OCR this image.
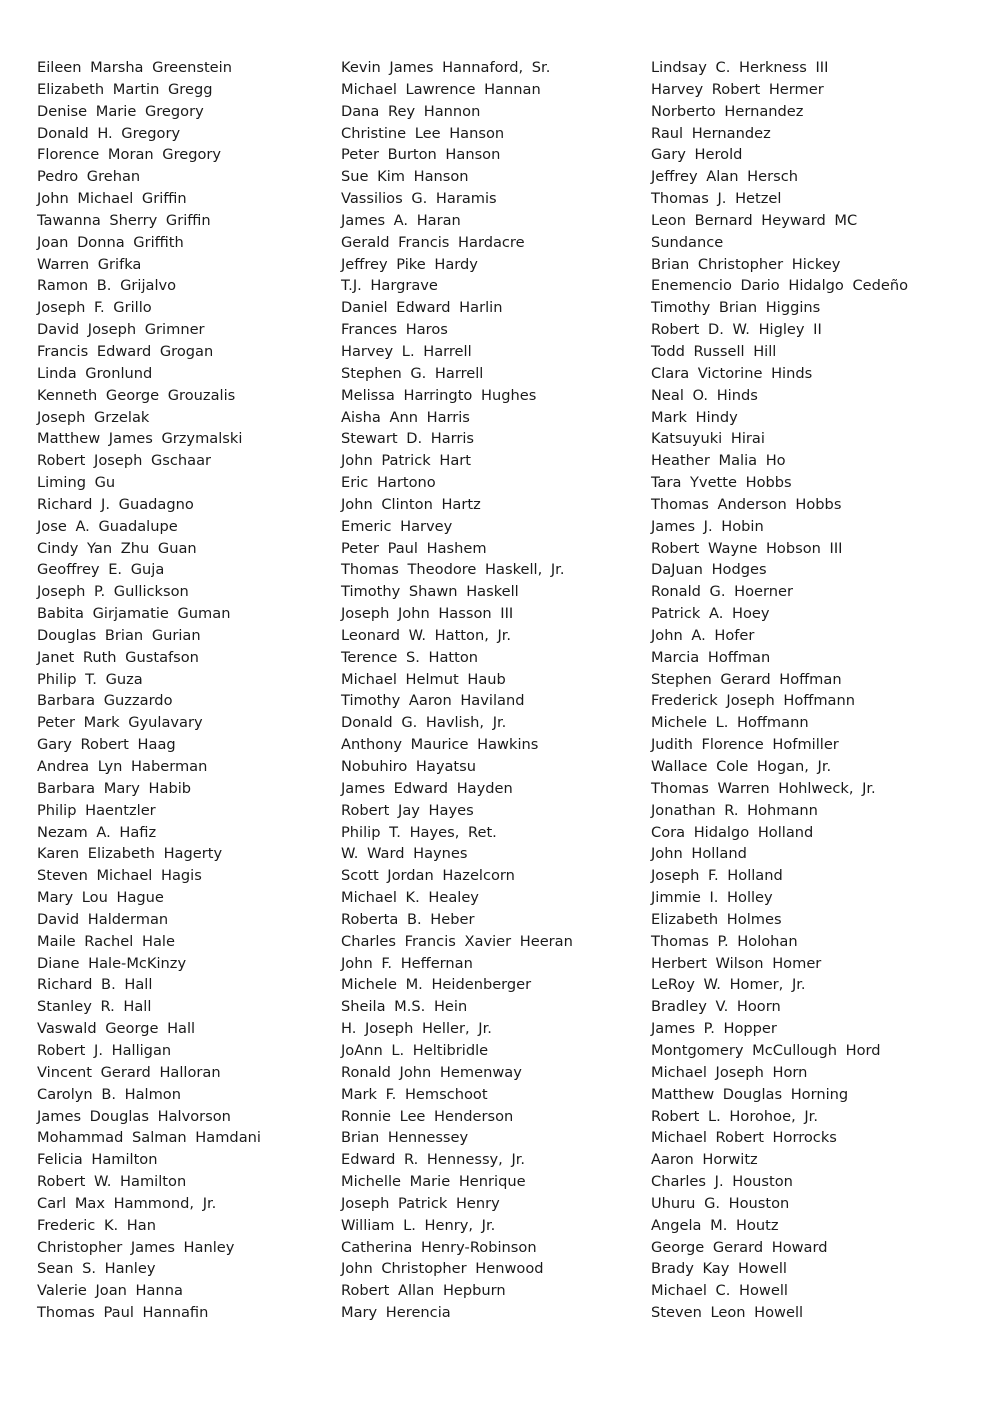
Eileen Marsha Greenstein
Elizabeth Martin Gregg
Denise Marie Gregory
Donald H. Gregory
Florence Moran Gregory
Pedro Grehan
John Michael Griffin
Tawanna Sherry Griffin
Joan Donna Griffith
Warren Grifka
Ramon B. Grijalvo
Joseph F. Grillo
David Joseph Grimner
Francis Edward Grogan
Linda Gronlund
Kenneth George Grouzalis
Joseph Grzelak
Matthew James Grzymalski
Robert Joseph Gschaar
Liming Gu
Richard J. Guadagno
Jose A. Guadalupe
Cindy Yan Zhu Guan
Geoffrey E. Guja
Joseph P. Gullickson
Babita Girjamatie Guman
Douglas Brian Gurian
Janet Ruth Gustafson
Philip T. Guza
Barbara Guzzardo
Peter Mark Gyulavary
Gary Robert Haag
Andrea Lyn Haberman
Barbara Mary Habib
Philip Haentzler
Nezam A. Hafiz
Karen Elizabeth Hagerty
Steven Michael Hagis
Mary Lou Hague
David Halderman
Maile Rachel Hale
Diane Hale-McKinzy
Richard B. Hall
Stanley R. Hall
Vaswald George Hall
Robert J. Halligan
Vincent Gerard Halloran
Carolyn B. Halmon
James Douglas Halvorson
Mohammad Salman Hamdani
Felicia Hamilton
Robert W. Hamilton
Carl Max Hammond, Jr.
Frederic K. Han
Christopher James Hanley
Sean S. Hanley
Valerie Joan Hanna
Thomas Paul Hannafin
Kevin James Hannaford, Sr.
Michael Lawrence Hannan
Dana Rey Hannon
Christine Lee Hanson
Peter Burton Hanson
Sue Kim Hanson
Vassilios G. Haramis
James A. Haran
Gerald Francis Hardacre
Jeffrey Pike Hardy
T.J. Hargrave
Daniel Edward Harlin
Frances Haros
Harvey L. Harrell
Stephen G. Harrell
Melissa Harringto Hughes
Aisha Ann Harris
Stewart D. Harris
John Patrick Hart
Eric Hartono
John Clinton Hartz
Emeric Harvey
Peter Paul Hashem
Thomas Theodore Haskell, Jr.
Timothy Shawn Haskell
Joseph John Hasson III
Leonard W. Hatton, Jr.
Terence S. Hatton
Michael Helmut Haub
Timothy Aaron Haviland
Donald G. Havlish, Jr.
Anthony Maurice Hawkins
Nobuhiro Hayatsu
James Edward Hayden
Robert Jay Hayes
Philip T. Hayes, Ret.
W. Ward Haynes
Scott Jordan Hazelcorn
Michael K. Healey
Roberta B. Heber
Charles Francis Xavier Heeran
John F. Heffernan
Michele M. Heidenberger
Sheila M.S. Hein
H. Joseph Heller, Jr.
JoAnn L. Heltibridle
Ronald John Hemenway
Mark F. Hemschoot
Ronnie Lee Henderson
Brian Hennessey
Edward R. Hennessy, Jr.
Michelle Marie Henrique
Joseph Patrick Henry
William L. Henry, Jr.
Catherina Henry-Robinson
John Christopher Henwood
Robert Allan Hepburn
Mary Herencia
Lindsay C. Herkness III
Harvey Robert Hermer
Norberto Hernandez
Raul Hernandez
Gary Herold
Jeffrey Alan Hersch
Thomas J. Hetzel
Leon Bernard Heyward MC
Sundance
Brian Christopher Hickey
Enemencio Dario Hidalgo Cedeño
Timothy Brian Higgins
Robert D. W. Higley II
Todd Russell Hill
Clara Victorine Hinds
Neal O. Hinds
Mark Hindy
Katsuyuki Hirai
Heather Malia Ho
Tara Yvette Hobbs
Thomas Anderson Hobbs
James J. Hobin
Robert Wayne Hobson III
DaJuan Hodges
Ronald G. Hoerner
Patrick A. Hoey
John A. Hofer
Marcia Hoffman
Stephen Gerard Hoffman
Frederick Joseph Hoffmann
Michele L. Hoffmann
Judith Florence Hofmiller
Wallace Cole Hogan, Jr.
Thomas Warren Hohlweck, Jr.
Jonathan R. Hohmann
Cora Hidalgo Holland
John Holland
Joseph F. Holland
Jimmie I. Holley
Elizabeth Holmes
Thomas P. Holohan
Herbert Wilson Homer
LeRoy W. Homer, Jr.
Bradley V. Hoorn
James P. Hopper
Montgomery McCullough Hord
Michael Joseph Horn
Matthew Douglas Horning
Robert L. Horohoe, Jr.
Michael Robert Horrocks
Aaron Horwitz
Charles J. Houston
Uhuru G. Houston
Angela M. Houtz
George Gerard Howard
Brady Kay Howell
Michael C. Howell
Steven Leon Howell
